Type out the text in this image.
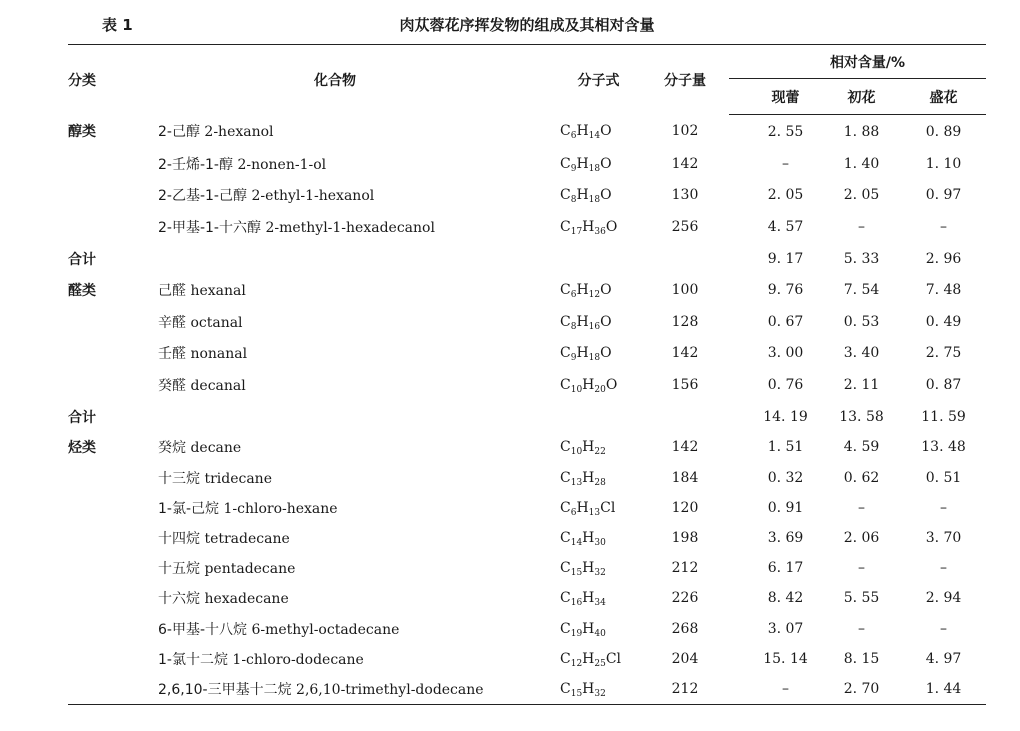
表 1	肉苁蓉花序挥发物的组成及其相对含量
分类	化合物	分子式	分子量	相对含量/%		
				现蕾	初花	盛花
醇类	2-己醇 2-hexanol	$C_6H_{14}O$	102	2. 55	1. 88	0. 89
	2-壬烯-1-醇 2-nonen-1-ol	$C_9H_{18}O$	142	–	1. 40	1. 10
	2-乙基-1-己醇 2-ethyl-1-hexanol	$C_8H_{18}O$	130	2. 05	2. 05	0. 97
	2-甲基-1-十六醇 2-methyl-1-hexadecanol	$C_{17}H_{36}O$	256	4. 57	–	–
合计				9. 17	5. 33	2. 96
醛类	己醛 hexanal	$C_6H_{12}O$	100	9. 76	7. 54	7. 48
	辛醛 octanal	$C_8H_{16}O$	128	0. 67	0. 53	0. 49
	壬醛 nonanal	$C_9H_{18}O$	142	3. 00	3. 40	2. 75
	癸醛 decanal	$C_{10}H_{20}O$	156	0. 76	2. 11	0. 87
合计				14. 19	13. 58	11. 59
烃类	癸烷 decane	$C_{10}H_{22}$	142	1. 51	4. 59	13. 48
	十三烷 tridecane	$C_{13}H_{28}$	184	0. 32	0. 62	0. 51
	1-氯-己烷 1-chloro-hexane	$C_6H_{13}Cl$	120	0. 91	–	–
	十四烷 tetradecane	$C_{14}H_{30}$	198	3. 69	2. 06	3. 70
	十五烷 pentadecane	$C_{15}H_{32}$	212	6. 17	–	–
	十六烷 hexadecane	$C_{16}H_{34}$	226	8. 42	5. 55	2. 94
	6-甲基-十八烷 6-methyl-octadecane	$C_{19}H_{40}$	268	3. 07	–	–
	1-氯十二烷 1-chloro-dodecane	$C_{12}H_{25}Cl$	204	15. 14	8. 15	4. 97
	2,6,10-三甲基十二烷 2,6,10-trimethyl-dodecane	$C_{15}H_{32}$	212	–	2. 70	1. 44
